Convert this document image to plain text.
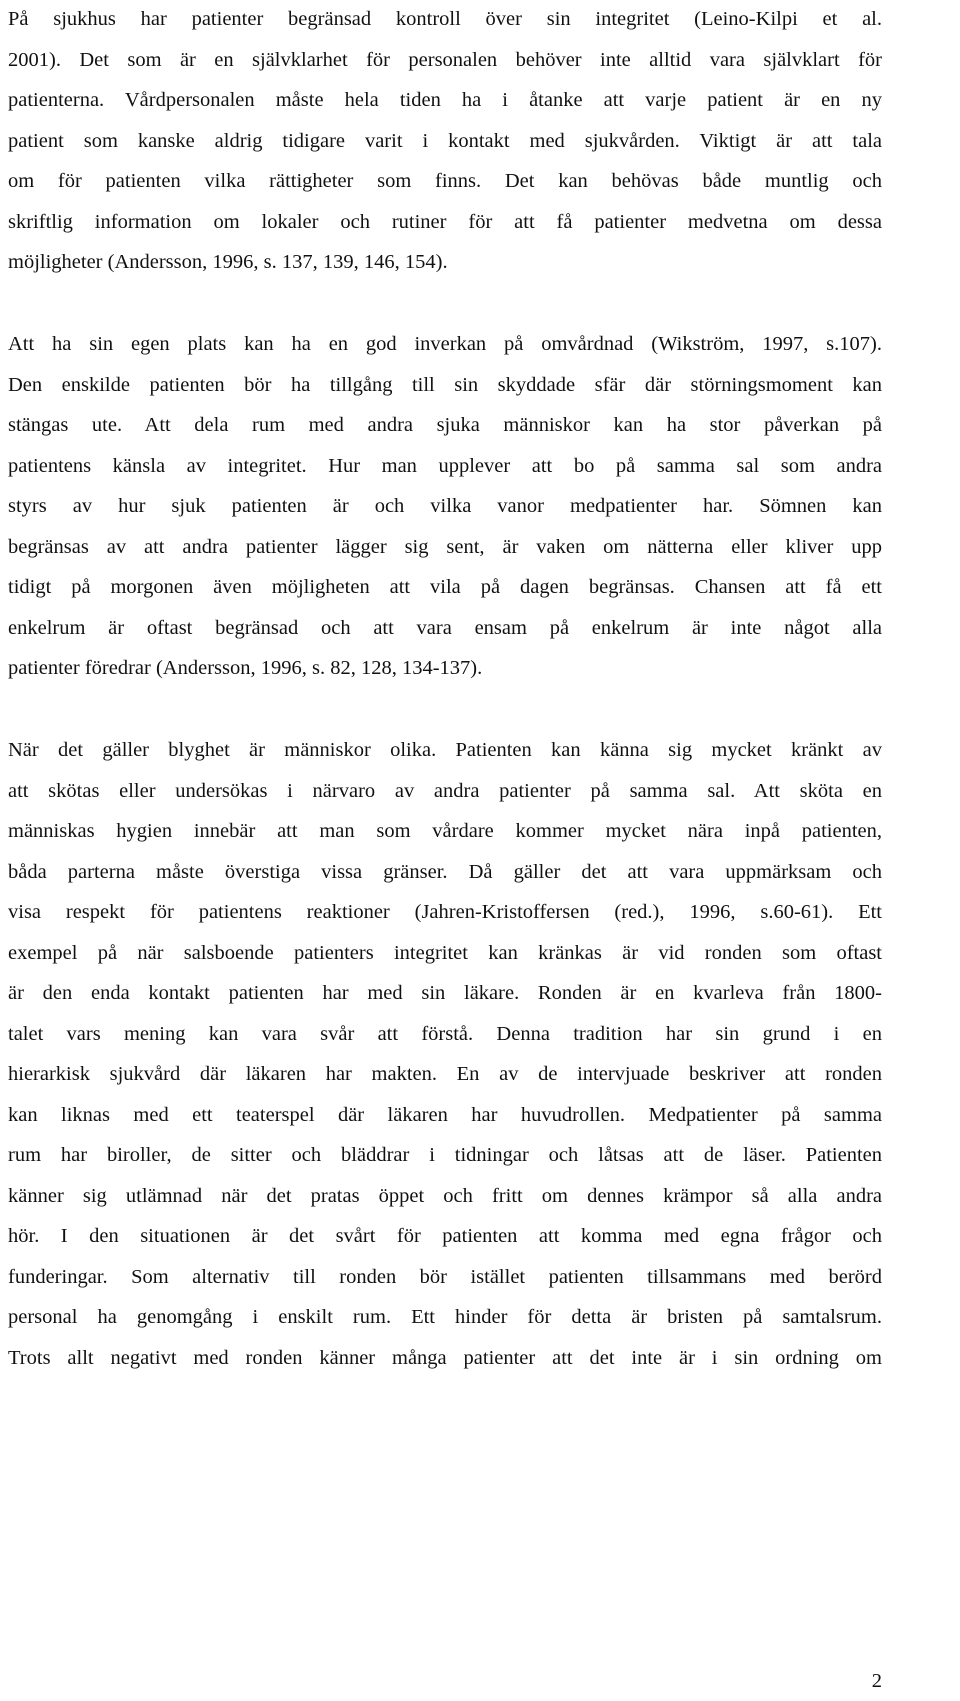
På sjukhus har patienter begränsad kontroll över sin integritet (Leino-Kilpi et al.
2001). Det som är en självklarhet för personalen behöver inte alltid vara självklart för
patienterna. Vårdpersonalen måste hela tiden ha i åtanke att varje patient är en ny
patient som kanske aldrig tidigare varit i kontakt med sjukvården. Viktigt är att tala
om för patienten vilka rättigheter som finns. Det kan behövas både muntlig och
skriftlig information om lokaler och rutiner för att få patienter medvetna om dessa
möjligheter (Andersson, 1996, s. 137, 139, 146, 154).
Att ha sin egen plats kan ha en god inverkan på omvårdnad (Wikström, 1997, s.107).
Den enskilde patienten bör ha tillgång till sin skyddade sfär där störningsmoment kan
stängas ute. Att dela rum med andra sjuka människor kan ha stor påverkan på
patientens känsla av integritet. Hur man upplever att bo på samma sal som andra
styrs av hur sjuk patienten är och vilka vanor medpatienter har. Sömnen kan
begränsas av att andra patienter lägger sig sent, är vaken om nätterna eller kliver upp
tidigt på morgonen även möjligheten att vila på dagen begränsas. Chansen att få ett
enkelrum är oftast begränsad och att vara ensam på enkelrum är inte något alla
patienter föredrar (Andersson, 1996, s. 82, 128, 134-137).
När det gäller blyghet är människor olika. Patienten kan känna sig mycket kränkt av
att skötas eller undersökas i närvaro av andra patienter på samma sal. Att sköta en
människas hygien innebär att man som vårdare kommer mycket nära inpå patienten,
båda parterna måste överstiga vissa gränser. Då gäller det att vara uppmärksam och
visa respekt för patientens reaktioner (Jahren-Kristoffersen (red.), 1996, s.60-61). Ett
exempel på när salsboende patienters integritet kan kränkas är vid ronden som oftast
är den enda kontakt patienten har med sin läkare. Ronden är en kvarleva från 1800-
talet vars mening kan vara svår att förstå. Denna tradition har sin grund i en
hierarkisk sjukvård där läkaren har makten. En av de intervjuade beskriver att ronden
kan liknas med ett teaterspel där läkaren har huvudrollen. Medpatienter på samma
rum har biroller, de sitter och bläddrar i tidningar och låtsas att de läser. Patienten
känner sig utlämnad när det pratas öppet och fritt om dennes krämpor så alla andra
hör. I den situationen är det svårt för patienten att komma med egna frågor och
funderingar. Som alternativ till ronden bör istället patienten tillsammans med berörd
personal ha genomgång i enskilt rum. Ett hinder för detta är bristen på samtalsrum.
Trots allt negativt med ronden känner många patienter att det inte är i sin ordning om
2
